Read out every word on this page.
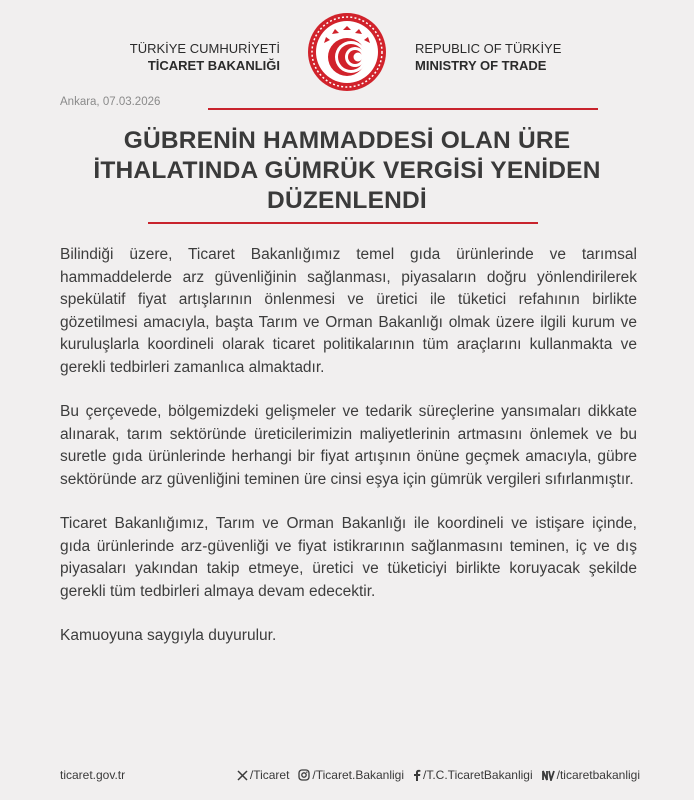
TÜRKİYE CUMHURİYETİ
TİCARET BAKANLIĞI
REPUBLIC OF TÜRKİYE
MINISTRY OF TRADE
Ankara, 07.03.2026
GÜBRENİN HAMMADDESİ OLAN ÜRE İTHALATINDA GÜMRÜK VERGİSİ YENİDEN DÜZENLENDİ

Bilindiği üzere, Ticaret Bakanlığımız temel gıda ürünlerinde ve tarımsal hammaddelerde arz güvenliğinin sağlanması, piyasaların doğru yönlendirilerek spekülatif fiyat artışlarının önlenmesi ve üretici ile tüketici refahının birlikte gözetilmesi amacıyla, başta Tarım ve Orman Bakanlığı olmak üzere ilgili kurum ve kuruluşlarla koordineli olarak ticaret politikalarının tüm araçlarını kullanmakta ve gerekli tedbirleri zamanlıca almaktadır.

Bu çerçevede, bölgemizdeki gelişmeler ve tedarik süreçlerine yansımaları dikkate alınarak, tarım sektöründe üreticilerimizin maliyetlerinin artmasını önlemek ve bu suretle gıda ürünlerinde herhangi bir fiyat artışının önüne geçmek amacıyla, gübre sektöründe arz güvenliğini teminen üre cinsi eşya için gümrük vergileri sıfırlanmıştır.

Ticaret Bakanlığımız, Tarım ve Orman Bakanlığı ile koordineli ve istişare içinde, gıda ürünlerinde arz-güvenliği ve fiyat istikrarının sağlanmasını teminen, iç ve dış piyasaları yakından takip etmeye, üretici ve tüketiciyi birlikte koruyacak şekilde gerekli tüm tedbirleri almaya devam edecektir.

Kamuoyuna saygıyla duyurulur.

ticaret.gov.tr	/Ticaret /Ticaret.Bakanligi /T.C.TicaretBakanligi /ticaretbakanligi
